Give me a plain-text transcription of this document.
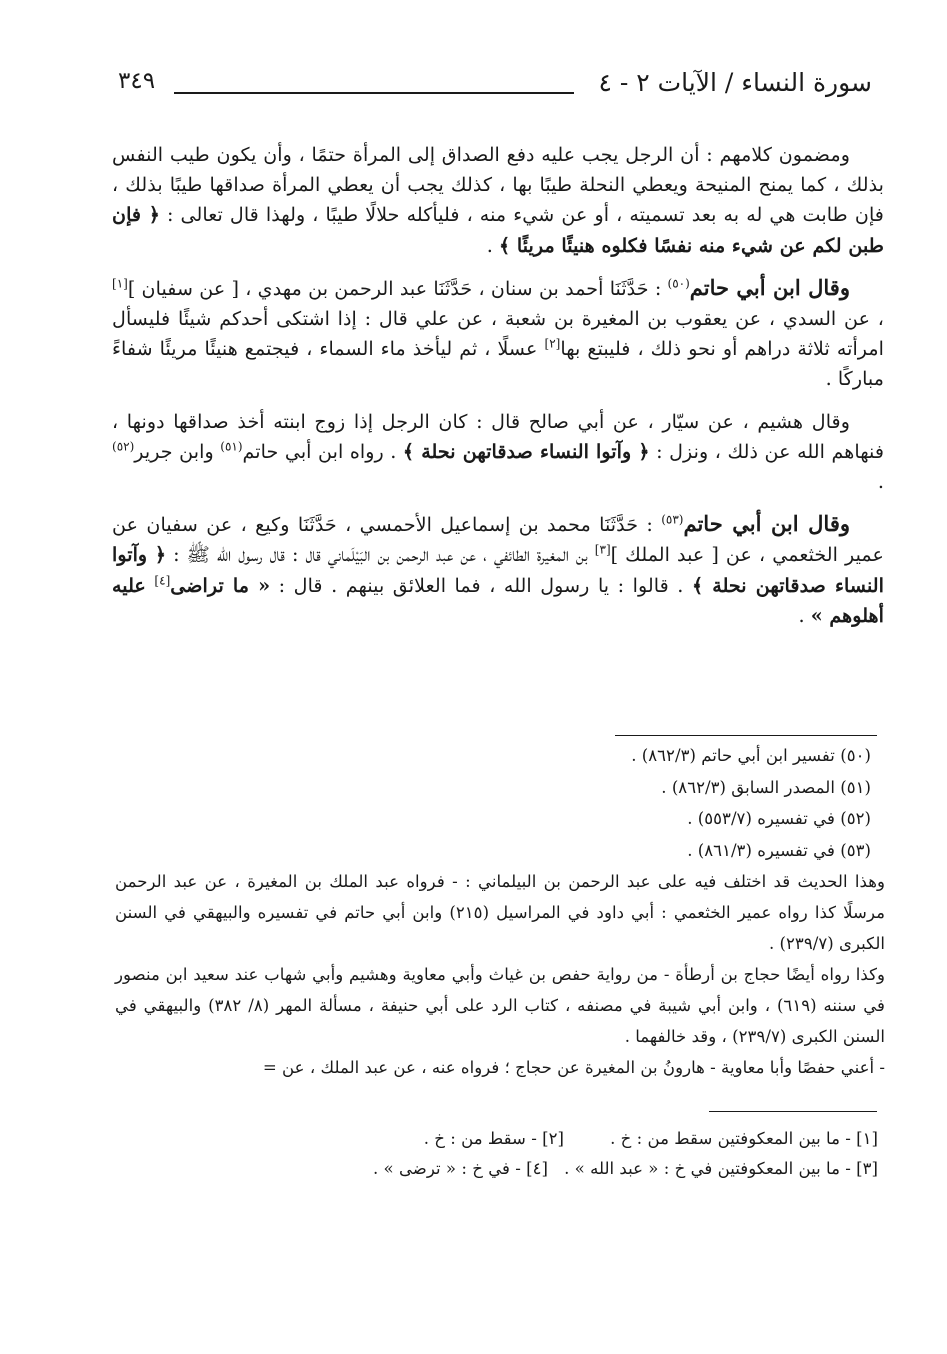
سورة النساء / الآيات ٢ - ٤
٣٤٩

ومضمون كلامهم : أن الرجل يجب عليه دفع الصداق إلى المرأة حتمًا ، وأن يكون طيب النفس بذلك ، كما يمنح المنيحة ويعطي النحلة طيبًا بها ، كذلك يجب أن يعطي المرأة صداقها طيبًا بذلك ، فإن طابت هي له به بعد تسميته ، أو عن شيء منه ، فليأكله حلالًا طيبًا ، ولهذا قال تعالى : ﴿ فإن طبن لكم عن شيء منه نفسًا فكلوه هنيئًا مريئًا ﴾ .

وقال ابن أبي حاتم$^{(٥٠)}$ : حَدَّثَنَا أحمد بن سنان ، حَدَّثَنَا عبد الرحمن بن مهدي ، [ عن سفيان ][١] ، عن السدي ، عن يعقوب بن المغيرة بن شعبة ، عن علي قال : إذا اشتكى أحدكم شيئًا فليسأل امرأته ثلاثة دراهم أو نحو ذلك ، فليبتع بها[٢] عسلًا ، ثم ليأخذ ماء السماء ، فيجتمع هنيئًا مريئًا شفاءً مباركًا .

وقال هشيم ، عن سيّار ، عن أبي صالح قال : كان الرجل إذا زوج ابنته أخذ صداقها دونها ، فنهاهم الله عن ذلك ، ونزل : ﴿ وآتوا النساء صدقاتهن نحلة ﴾ . رواه ابن أبي حاتم$^{(٥١)}$ وابن جرير$^{(٥٢)}$ .

وقال ابن أبي حاتم$^{(٥٣)}$ : حَدَّثَنَا محمد بن إسماعيل الأحمسي ، حَدَّثَنَا وكيع ، عن سفيان عن عمير الخثعمي ، عن [ عبد الملك ][٣] بن المغيرة الطائفي ، عن عبد الرحمن بن البَيْلَماني قال : قال رسول الله ﷺ : ﴿ وآتوا النساء صدقاتهن نحلة ﴾ . قالوا : يا رسول الله ، فما العلائق بينهم . قال : « ما تراضى[٤] عليه أهلوهم » .

(٥٠) تفسير ابن أبي حاتم (٨٦٢/٣) .

(٥١) المصدر السابق (٨٦٢/٣) .

(٥٢) في تفسيره (٥٥٣/٧) .

(٥٣) في تفسيره (٨٦١/٣) .

وهذا الحديث قد اختلف فيه على عبد الرحمن بن البيلماني : - فرواه عبد الملك بن المغيرة ، عن عبد الرحمن مرسلًا كذا رواه عمير الخثعمي : أبي داود في المراسيل (٢١٥) وابن أبي حاتم في تفسيره والبيهقي في السنن الكبرى (٢٣٩/٧) .

وكذا رواه أيضًا حجاج بن أرطأة - من رواية حفص بن غياث وأبي معاوية وهشيم وأبي شهاب عند سعيد ابن منصور في سننه (٦١٩) ، وابن أبي شيبة في مصنفه ، كتاب الرد على أبي حنيفة ، مسألة المهر (٨/ ٣٨٢) والبيهقي في السنن الكبرى (٢٣٩/٧) ، وقد خالفهما .

- أعني حفصًا وأبا معاوية - هارونُ بن المغيرة عن حجاج ؛ فرواه عنه ، عن عبد الملك ، عن =

[١] - ما بين المعكوفتين سقط من : خ .
[٢] - سقط من : خ .
[٣] - ما بين المعكوفتين في خ : « عبد الله » .
[٤] - في خ : « ترضى » .
